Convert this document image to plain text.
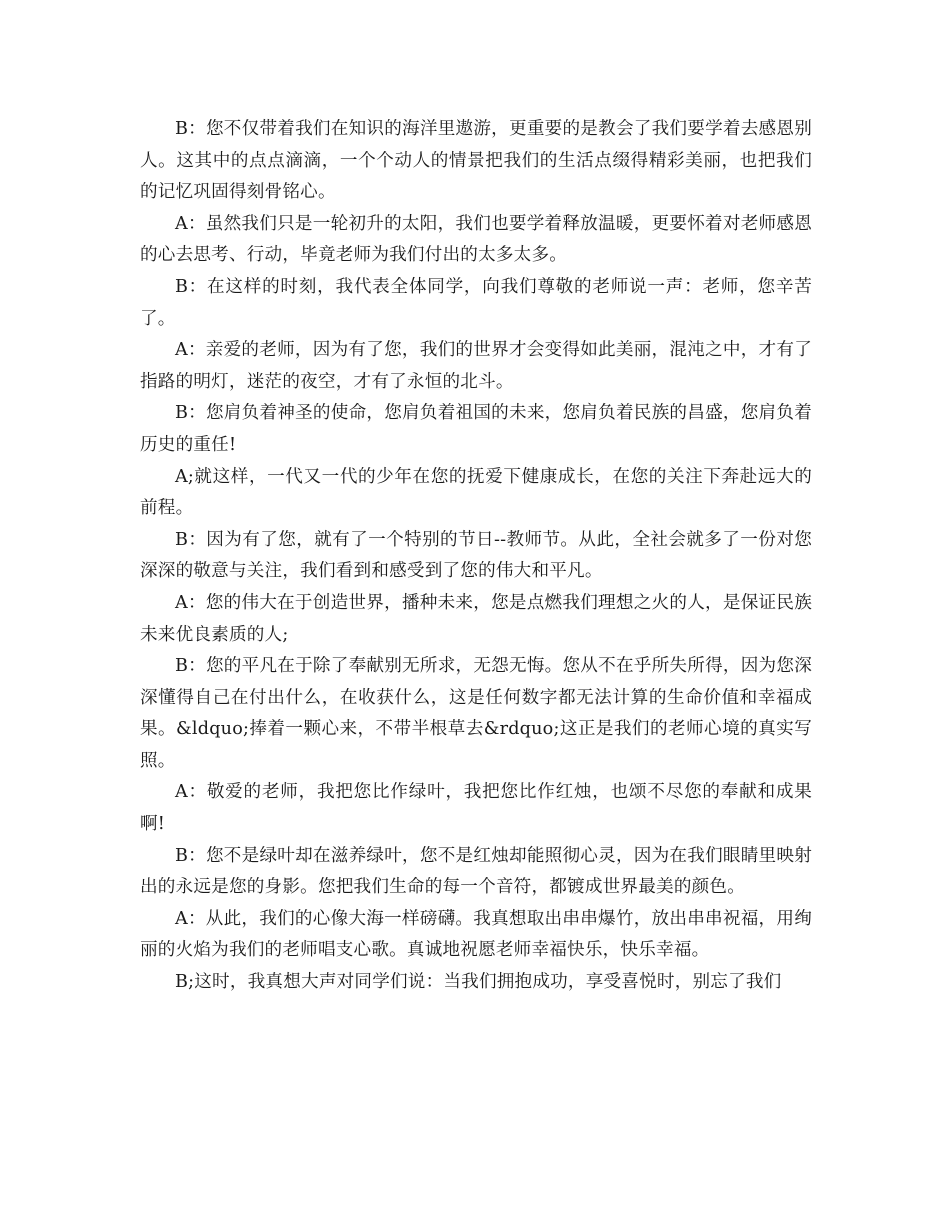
B：您不仅带着我们在知识的海洋里遨游，更重要的是教会了我们要学着去感恩别人。这其中的点点滴滴，一个个动人的情景把我们的生活点缀得精彩美丽，也把我们的记忆巩固得刻骨铭心。

A：虽然我们只是一轮初升的太阳，我们也要学着释放温暖，更要怀着对老师感恩的心去思考、行动，毕竟老师为我们付出的太多太多。

B：在这样的时刻，我代表全体同学，向我们尊敬的老师说一声：老师，您辛苦了。

A：亲爱的老师，因为有了您，我们的世界才会变得如此美丽，混沌之中，才有了指路的明灯，迷茫的夜空，才有了永恒的北斗。

B：您肩负着神圣的使命，您肩负着祖国的未来，您肩负着民族的昌盛，您肩负着历史的重任!

A;就这样，一代又一代的少年在您的抚爱下健康成长，在您的关注下奔赴远大的前程。

B：因为有了您，就有了一个特别的节日--教师节。从此，全社会就多了一份对您深深的敬意与关注，我们看到和感受到了您的伟大和平凡。

A：您的伟大在于创造世界，播种未来，您是点燃我们理想之火的人，是保证民族未来优良素质的人;

B：您的平凡在于除了奉献别无所求，无怨无悔。您从不在乎所失所得，因为您深深懂得自己在付出什么，在收获什么，这是任何数字都无法计算的生命价值和幸福成果。&ldquo;捧着一颗心来，不带半根草去&rdquo;这正是我们的老师心境的真实写照。

A：敬爱的老师，我把您比作绿叶，我把您比作红烛，也颂不尽您的奉献和成果啊!

B：您不是绿叶却在滋养绿叶，您不是红烛却能照彻心灵，因为在我们眼睛里映射出的永远是您的身影。您把我们生命的每一个音符，都镀成世界最美的颜色。

A：从此，我们的心像大海一样磅礴。我真想取出串串爆竹，放出串串祝福，用绚丽的火焰为我们的老师唱支心歌。真诚地祝愿老师幸福快乐，快乐幸福。

B;这时，我真想大声对同学们说：当我们拥抱成功，享受喜悦时，别忘了我们
